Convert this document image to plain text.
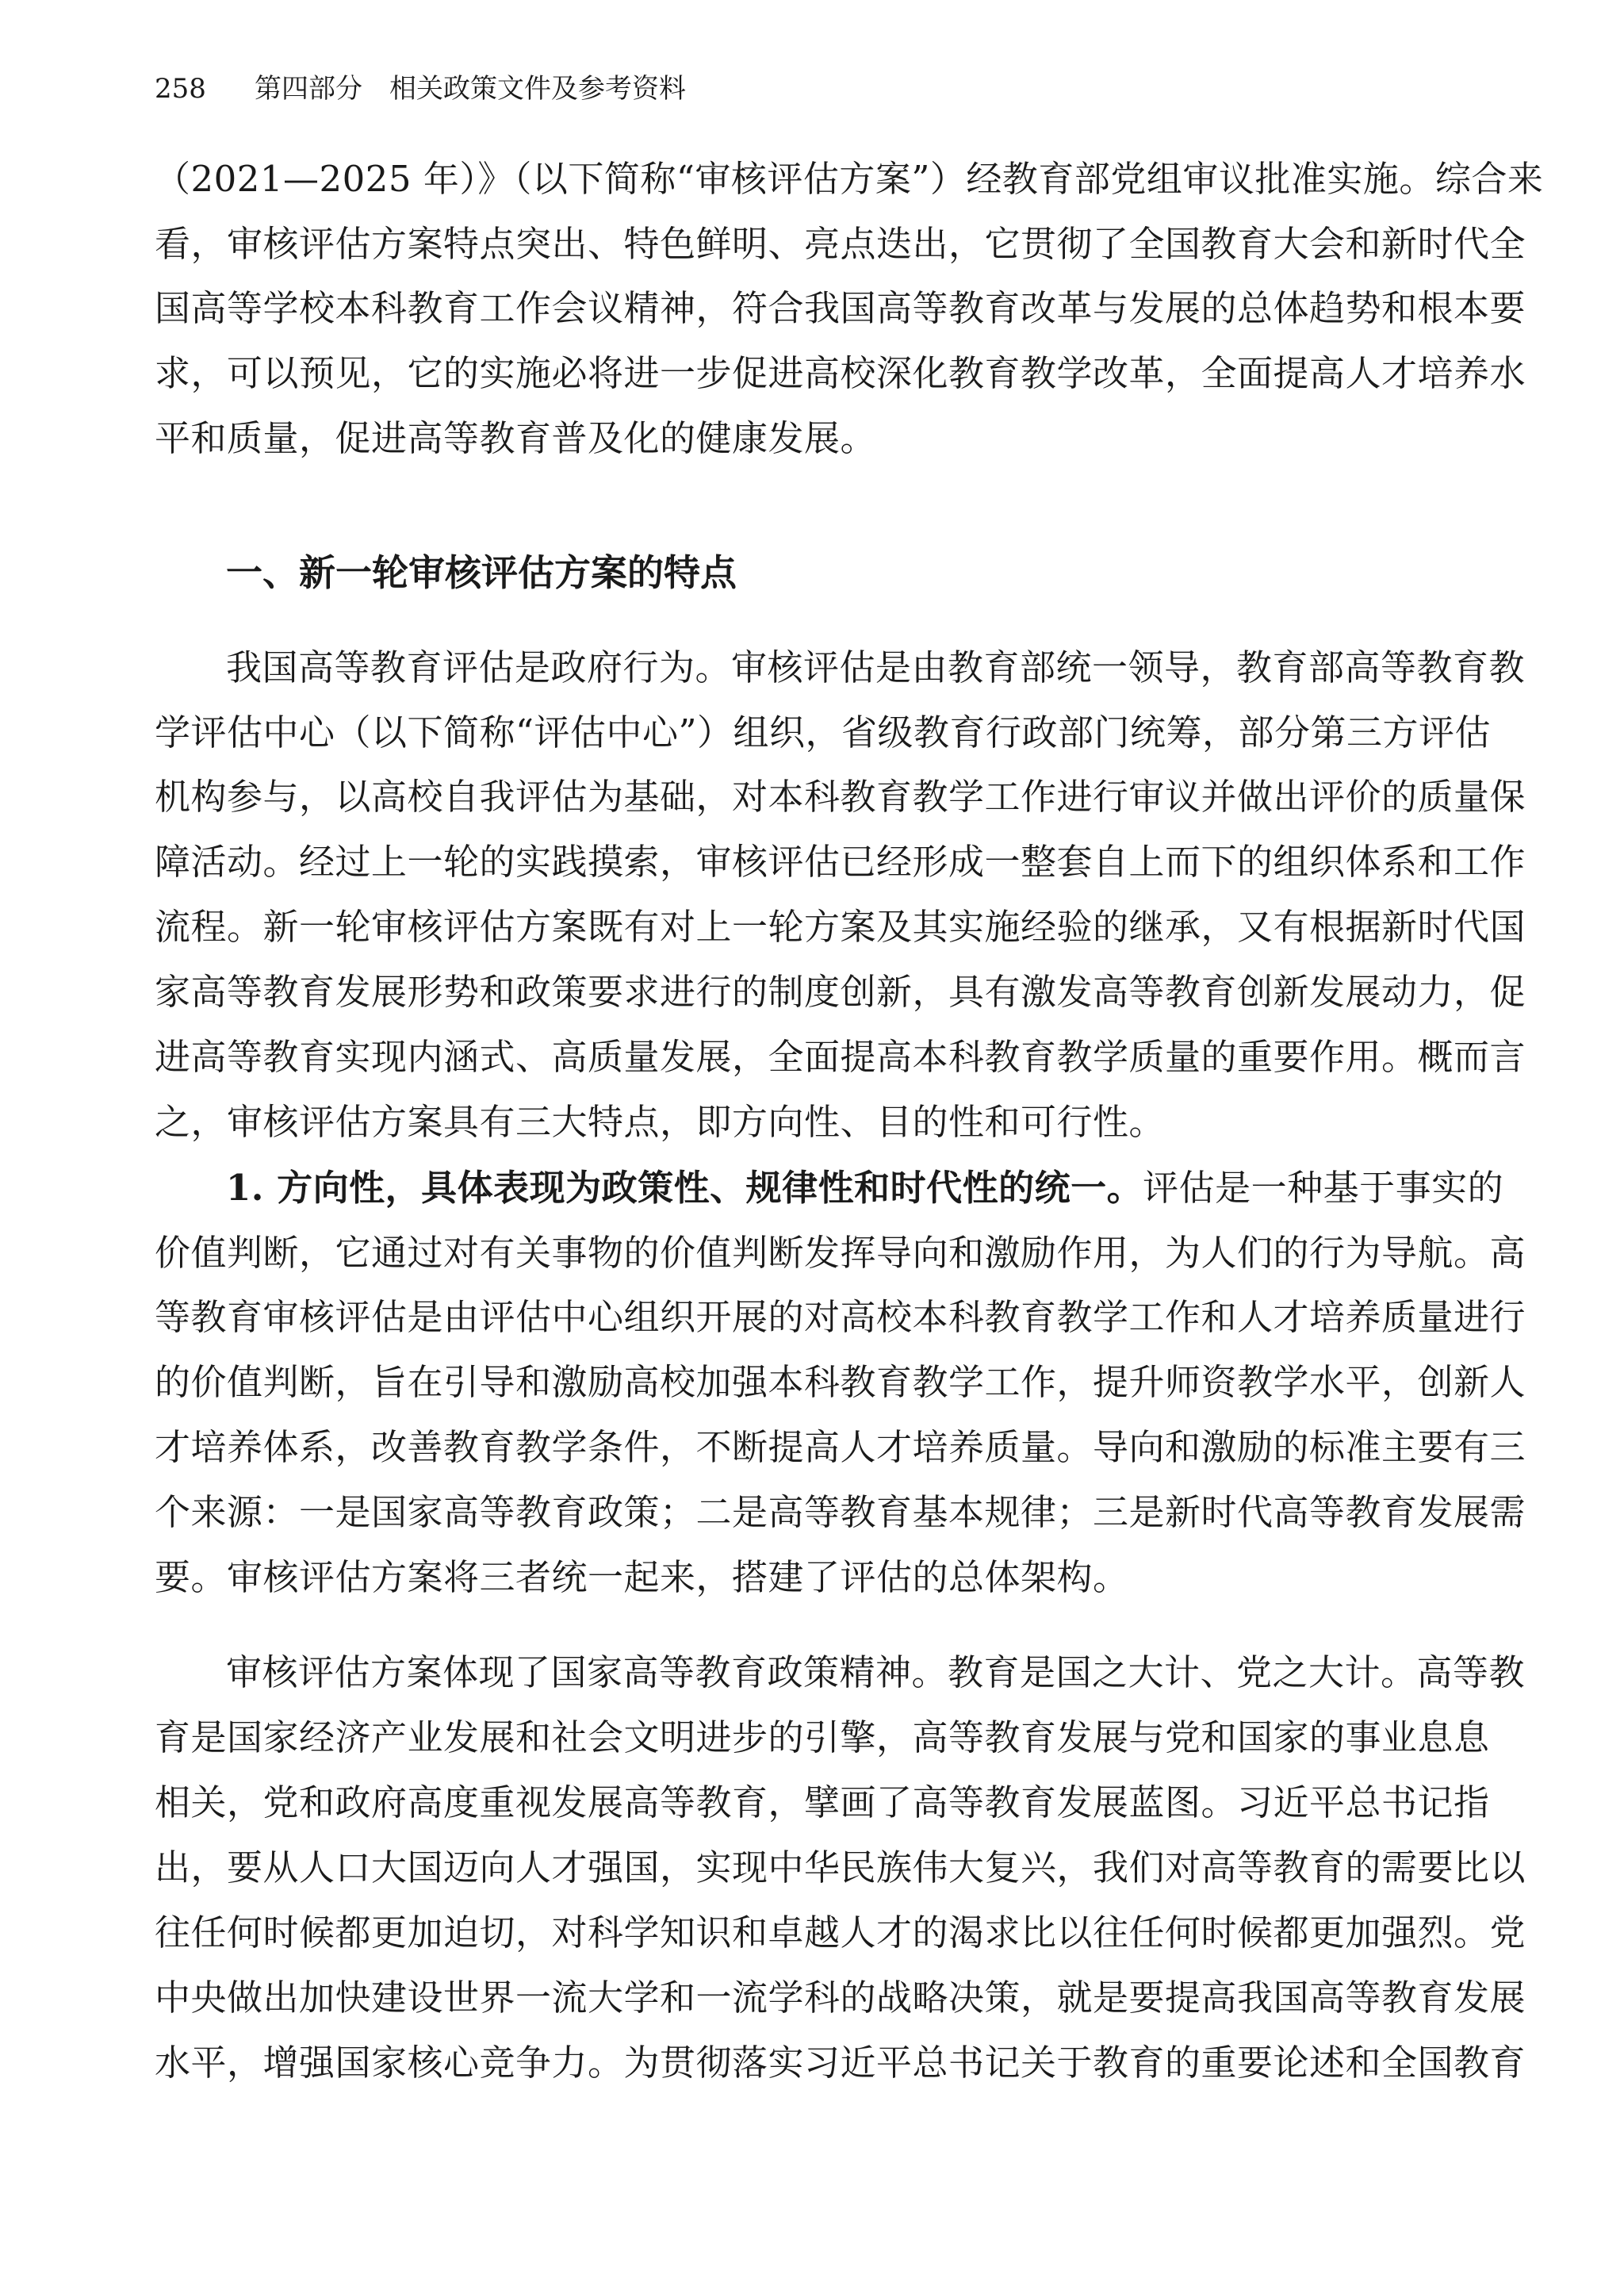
258 第四部分　相关政策文件及参考资料
（2021—2025 年）》（以下简称“审核评估方案”）经教育部党组审议批准实施。综合来
看，审核评估方案特点突出、特色鲜明、亮点迭出，它贯彻了全国教育大会和新时代全
国高等学校本科教育工作会议精神，符合我国高等教育改革与发展的总体趋势和根本要
求，可以预见，它的实施必将进一步促进高校深化教育教学改革，全面提高人才培养水
平和质量，促进高等教育普及化的健康发展。
一、新一轮审核评估方案的特点
我国高等教育评估是政府行为。审核评估是由教育部统一领导，教育部高等教育教
学评估中心（以下简称“评估中心”）组织，省级教育行政部门统筹，部分第三方评估
机构参与，以高校自我评估为基础，对本科教育教学工作进行审议并做出评价的质量保
障活动。经过上一轮的实践摸索，审核评估已经形成一整套自上而下的组织体系和工作
流程。新一轮审核评估方案既有对上一轮方案及其实施经验的继承，又有根据新时代国
家高等教育发展形势和政策要求进行的制度创新，具有激发高等教育创新发展动力，促
进高等教育实现内涵式、高质量发展，全面提高本科教育教学质量的重要作用。概而言
之，审核评估方案具有三大特点，即方向性、目的性和可行性。
1. 方向性，具体表现为政策性、规律性和时代性的统一。评估是一种基于事实的
价值判断，它通过对有关事物的价值判断发挥导向和激励作用，为人们的行为导航。高
等教育审核评估是由评估中心组织开展的对高校本科教育教学工作和人才培养质量进行
的价值判断，旨在引导和激励高校加强本科教育教学工作，提升师资教学水平，创新人
才培养体系，改善教育教学条件，不断提高人才培养质量。导向和激励的标准主要有三
个来源：一是国家高等教育政策；二是高等教育基本规律；三是新时代高等教育发展需
要。审核评估方案将三者统一起来，搭建了评估的总体架构。
审核评估方案体现了国家高等教育政策精神。教育是国之大计、党之大计。高等教
育是国家经济产业发展和社会文明进步的引擎，高等教育发展与党和国家的事业息息
相关，党和政府高度重视发展高等教育，擘画了高等教育发展蓝图。习近平总书记指
出，要从人口大国迈向人才强国，实现中华民族伟大复兴，我们对高等教育的需要比以
往任何时候都更加迫切，对科学知识和卓越人才的渴求比以往任何时候都更加强烈。党
中央做出加快建设世界一流大学和一流学科的战略决策，就是要提高我国高等教育发展
水平，增强国家核心竞争力。为贯彻落实习近平总书记关于教育的重要论述和全国教育
